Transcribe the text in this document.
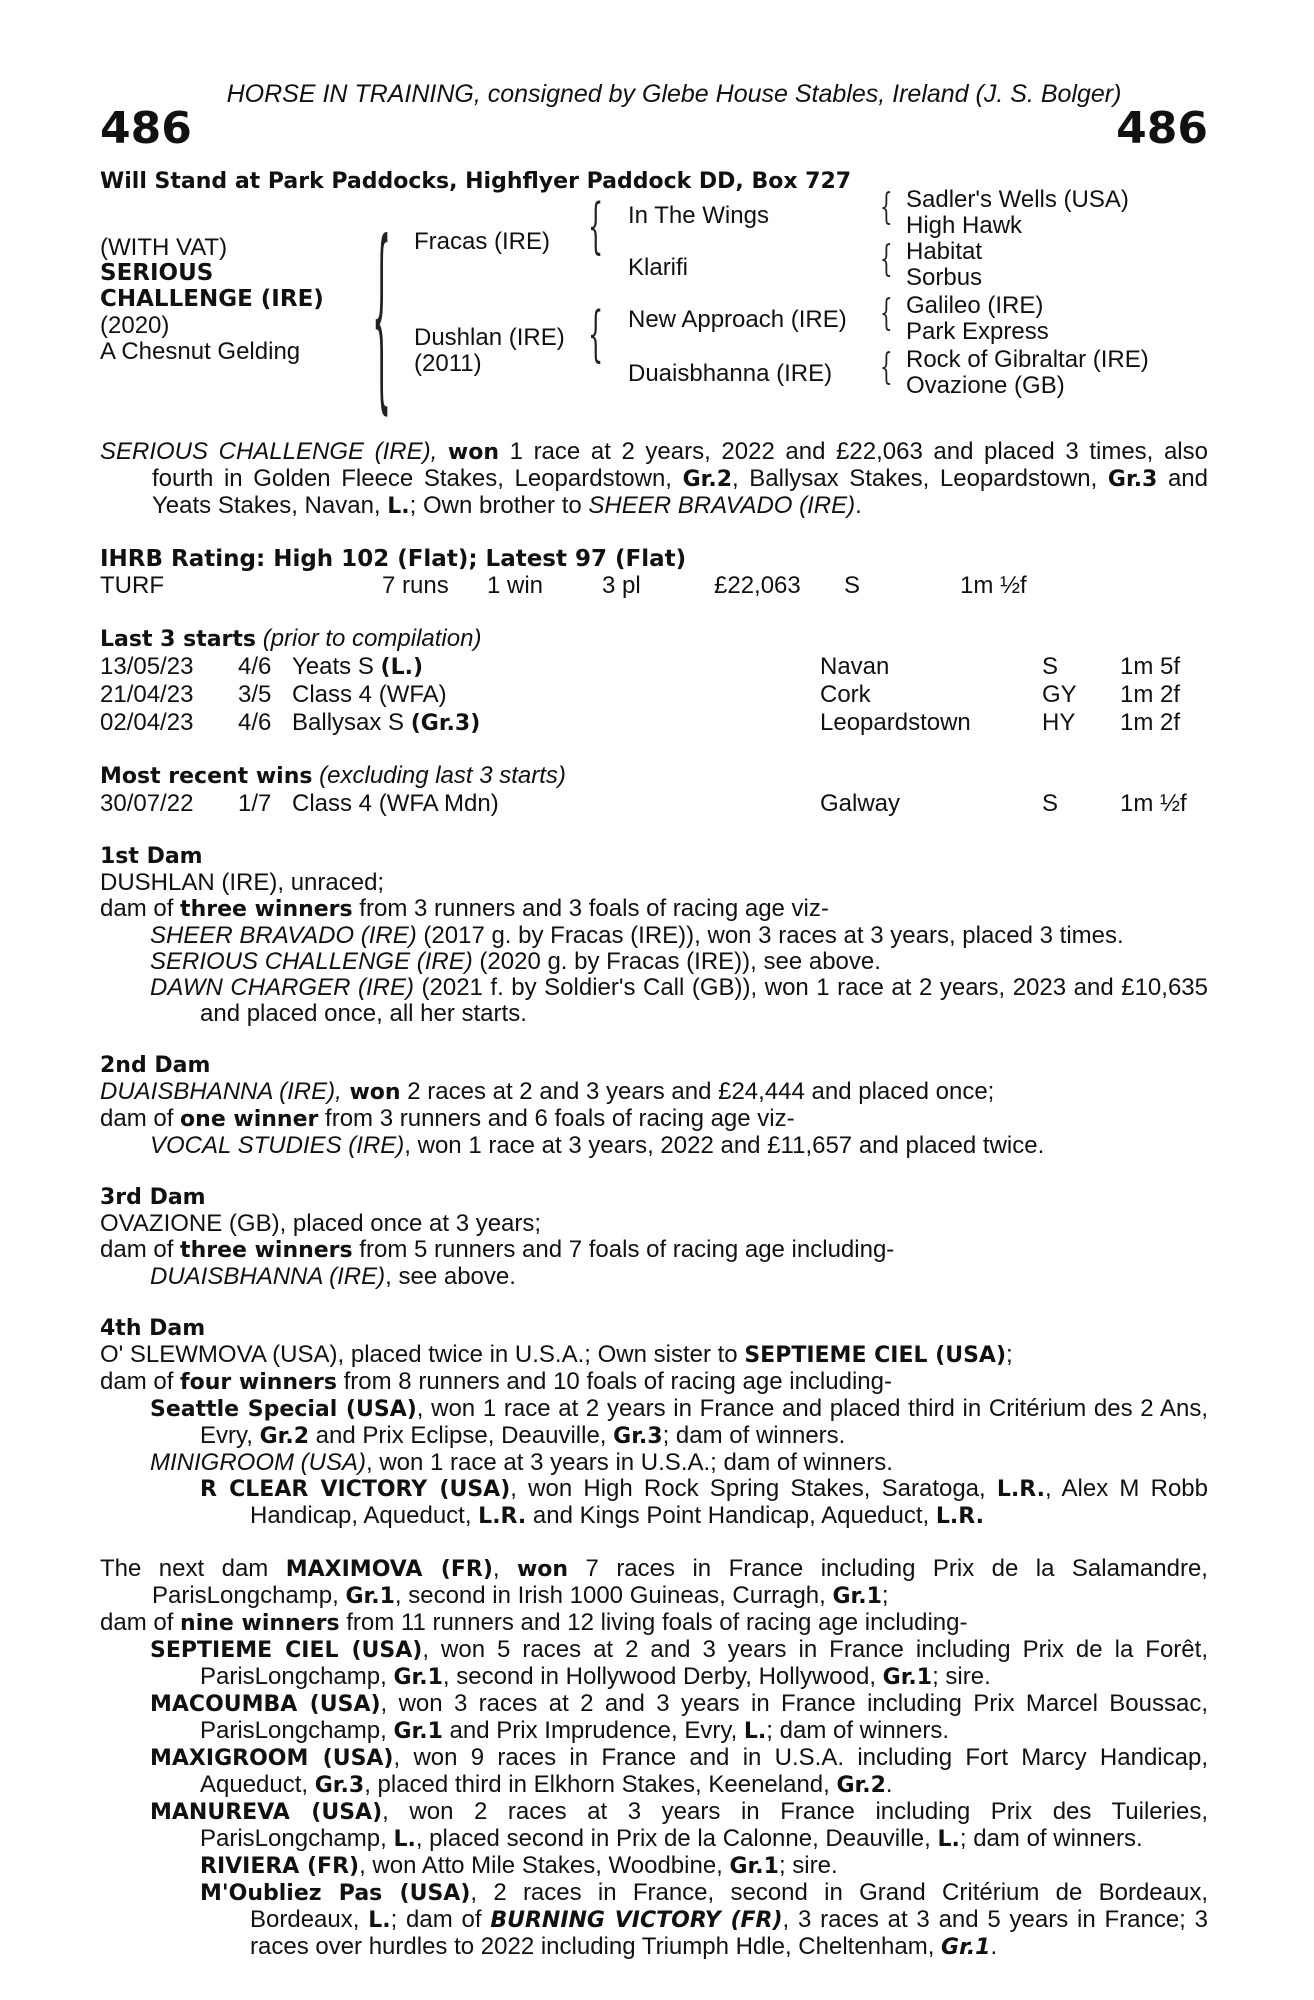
HORSE IN TRAINING, consigned by Glebe House Stables, Ireland (J. S. Bolger)
486	486
Will Stand at Park Paddocks, Highflyer Paddock DD, Box 727
(WITH VAT)
SERIOUS
CHALLENGE (IRE)
(2020)
A Chesnut Gelding { Fracas (IRE)
Dushlan (IRE)
(2011)
{ In The Wings
Klarifi
{ New Approach (IRE)
Duaisbhanna (IRE)
{ Sadler's Wells (USA)
High Hawk
{ Habitat
Sorbus
{ Galileo (IRE)
Park Express
{ Rock of Gibraltar (IRE)
Ovazione (GB)

SERIOUS CHALLENGE (IRE), won 1 race at 2 years, 2022 and £22,063 and placed 3 times, also fourth in Golden Fleece Stakes, Leopardstown, Gr.2, Ballysax Stakes, Leopardstown, Gr.3 and Yeats Stakes, Navan, L.; Own brother to SHEER BRAVADO (IRE).

IHRB Rating: High 102 (Flat); Latest 97 (Flat)
TURF	7 runs	1 win	3 pl	£22,063	S	1m ½f
Last 3 starts (prior to compilation)
13/05/23	4/6	Yeats S (L.)	Navan	S	1m 5f
21/04/23	3/5	Class 4 (WFA)	Cork	GY	1m 2f
02/04/23	4/6	Ballysax S (Gr.3)	Leopardstown	HY	1m 2f
Most recent wins (excluding last 3 starts)
30/07/22	1/7	Class 4 (WFA Mdn)	Galway	S	1m ½f
1st Dam

DUSHLAN (IRE), unraced;

dam of three winners from 3 runners and 3 foals of racing age viz-

SHEER BRAVADO (IRE) (2017 g. by Fracas (IRE)), won 3 races at 3 years, placed 3 times.

SERIOUS CHALLENGE (IRE) (2020 g. by Fracas (IRE)), see above.

DAWN CHARGER (IRE) (2021 f. by Soldier's Call (GB)), won 1 race at 2 years, 2023 and £10,635 and placed once, all her starts.

2nd Dam

DUAISBHANNA (IRE), won 2 races at 2 and 3 years and £24,444 and placed once;

dam of one winner from 3 runners and 6 foals of racing age viz-

VOCAL STUDIES (IRE), won 1 race at 3 years, 2022 and £11,657 and placed twice.

3rd Dam

OVAZIONE (GB), placed once at 3 years;

dam of three winners from 5 runners and 7 foals of racing age including-

DUAISBHANNA (IRE), see above.

4th Dam

O' SLEWMOVA (USA), placed twice in U.S.A.; Own sister to SEPTIEME CIEL (USA);

dam of four winners from 8 runners and 10 foals of racing age including-

Seattle Special (USA), won 1 race at 2 years in France and placed third in Critérium des 2 Ans, Evry, Gr.2 and Prix Eclipse, Deauville, Gr.3; dam of winners.

MINIGROOM (USA), won 1 race at 3 years in U.S.A.; dam of winners.

R CLEAR VICTORY (USA), won High Rock Spring Stakes, Saratoga, L.R., Alex M Robb Handicap, Aqueduct, L.R. and Kings Point Handicap, Aqueduct, L.R.

The next dam MAXIMOVA (FR), won 7 races in France including Prix de la Salamandre, ParisLongchamp, Gr.1, second in Irish 1000 Guineas, Curragh, Gr.1;

dam of nine winners from 11 runners and 12 living foals of racing age including-

SEPTIEME CIEL (USA), won 5 races at 2 and 3 years in France including Prix de la Forêt, ParisLongchamp, Gr.1, second in Hollywood Derby, Hollywood, Gr.1; sire.

MACOUMBA (USA), won 3 races at 2 and 3 years in France including Prix Marcel Boussac, ParisLongchamp, Gr.1 and Prix Imprudence, Evry, L.; dam of winners.

MAXIGROOM (USA), won 9 races in France and in U.S.A. including Fort Marcy Handicap, Aqueduct, Gr.3, placed third in Elkhorn Stakes, Keeneland, Gr.2.

MANUREVA (USA), won 2 races at 3 years in France including Prix des Tuileries, ParisLongchamp, L., placed second in Prix de la Calonne, Deauville, L.; dam of winners.

RIVIERA (FR), won Atto Mile Stakes, Woodbine, Gr.1; sire.

M'Oubliez Pas (USA), 2 races in France, second in Grand Critérium de Bordeaux, Bordeaux, L.; dam of BURNING VICTORY (FR), 3 races at 3 and 5 years in France; 3 races over hurdles to 2022 including Triumph Hdle, Cheltenham, Gr.1.
